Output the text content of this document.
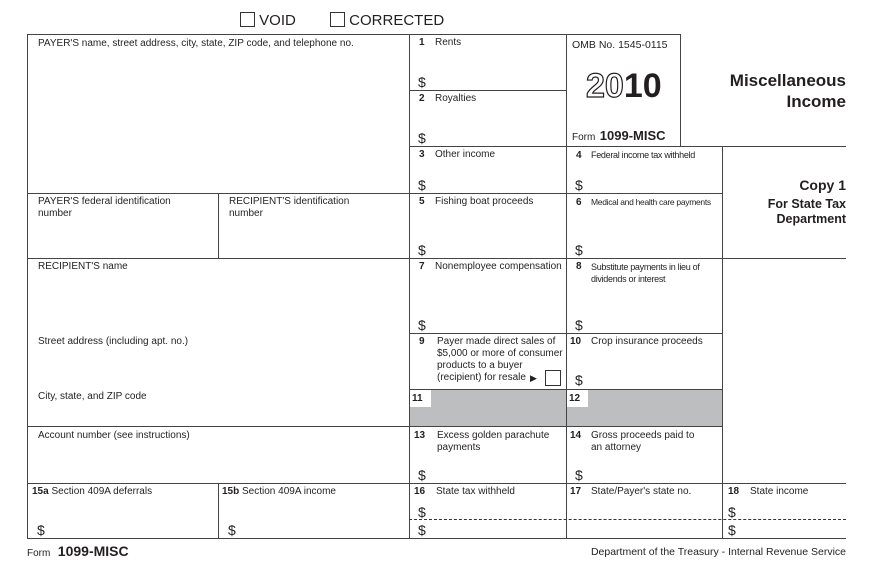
VOID	CORRECTED
PAYER'S name, street address, city, state, ZIP code, and telephone no.
PAYER'S federal identification
number
RECIPIENT'S identification
number
RECIPIENT'S name
Street address (including apt. no.)
City, state, and ZIP code
Account number (see instructions)
15a Section 409A deferrals
$
15b Section 409A income
$
1 Rents
$
2 Royalties
$
3 Other income
$
5 Fishing boat proceeds
$
7 Nonemployee compensation
$
9 Payer made direct sales of
$5,000 or more of consumer
products to a buyer
(recipient) for resale ▶
11
13 Excess golden parachute
payments
$
16 State tax withheld
$
$
OMB No. 1545-0115
2010
Form 1099-MISC
4 Federal income tax withheld
$
6 Medical and health care payments
$
8 Substitute payments in lieu of
dividends or interest
$
10 Crop insurance proceeds
$
12
14 Gross proceeds paid to
an attorney
$
17 State/Payer's state no.
Miscellaneous
Income
Copy 1
For State Tax
Department
18 State income
$
$
Form 1099-MISC	Department of the Treasury - Internal Revenue Service
